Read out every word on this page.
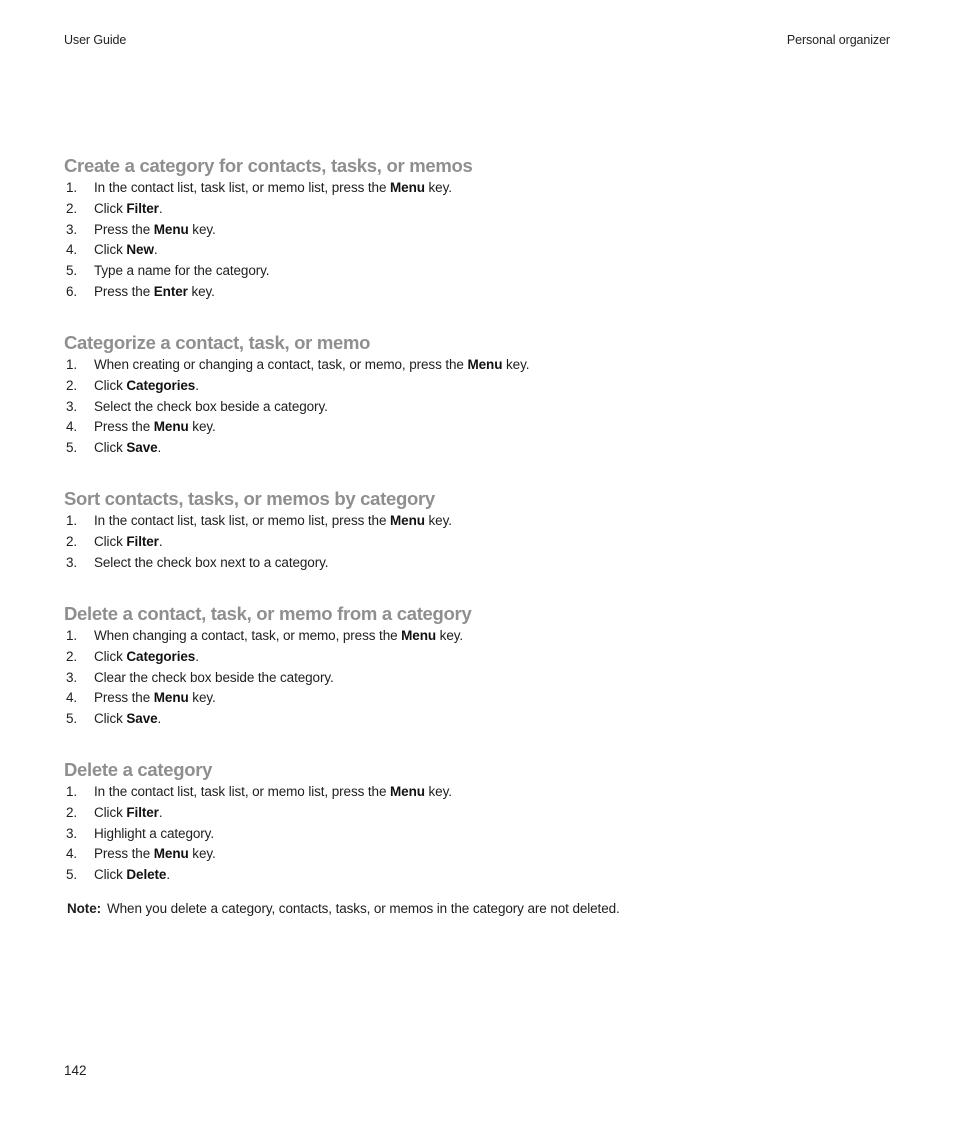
User Guide	Personal organizer
Create a category for contacts, tasks, or memos
1.	In the contact list, task list, or memo list, press the Menu key.
2.	Click Filter.
3.	Press the Menu key.
4.	Click New.
5.	Type a name for the category.
6.	Press the Enter key.
Categorize a contact, task, or memo
1.	When creating or changing a contact, task, or memo, press the Menu key.
2.	Click Categories.
3.	Select the check box beside a category.
4.	Press the Menu key.
5.	Click Save.
Sort contacts, tasks, or memos by category
1.	In the contact list, task list, or memo list, press the Menu key.
2.	Click Filter.
3.	Select the check box next to a category.
Delete a contact, task, or memo from a category
1.	When changing a contact, task, or memo, press the Menu key.
2.	Click Categories.
3.	Clear the check box beside the category.
4.	Press the Menu key.
5.	Click Save.
Delete a category
1.	In the contact list, task list, or memo list, press the Menu key.
2.	Click Filter.
3.	Highlight a category.
4.	Press the Menu key.
5.	Click Delete.
Note: When you delete a category, contacts, tasks, or memos in the category are not deleted.
142
